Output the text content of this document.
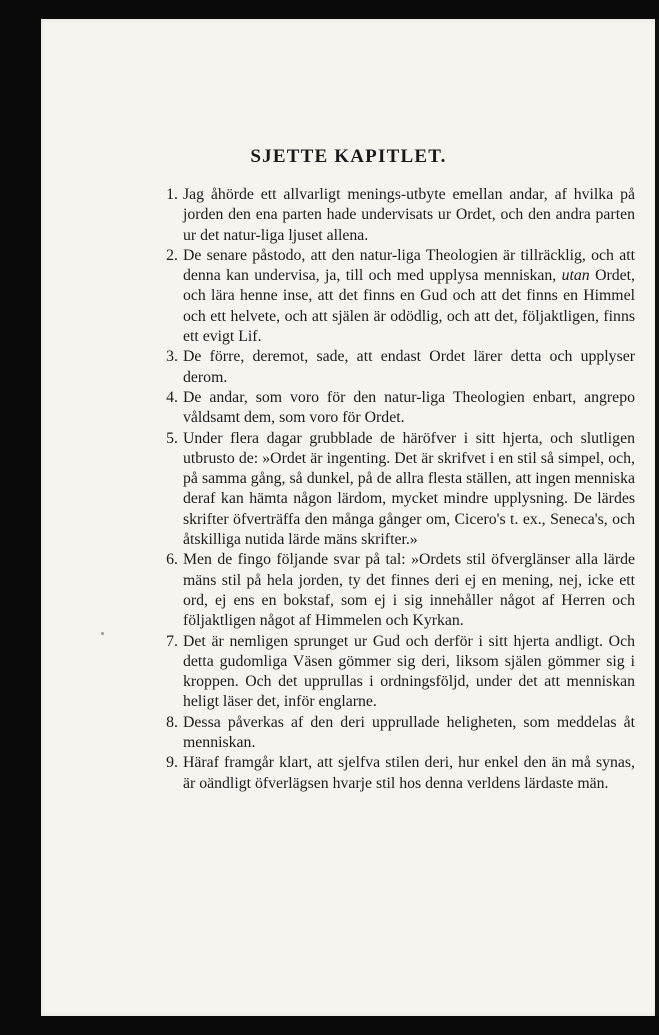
SJETTE KAPITLET.

1. Jag åhörde ett allvarligt menings-utbyte emellan andar, af hvilka på jorden den ena parten hade undervisats ur Ordet, och den andra parten ur det natur-liga ljuset allena.

2. De senare påstodo, att den natur-liga Theologien är tillräcklig, och att denna kan undervisa, ja, till och med upplysa menniskan, utan Ordet, och lära henne inse, att det finns en Gud och att det finns en Himmel och ett helvete, och att själen är odödlig, och att det, följaktligen, finns ett evigt Lif.

3. De förre, deremot, sade, att endast Ordet lärer detta och upplyser derom.

4. De andar, som voro för den natur-liga Theologien enbart, angrepo våldsamt dem, som voro för Ordet.

5. Under flera dagar grubblade de häröfver i sitt hjerta, och slutligen utbrusto de: »Ordet är ingenting. Det är skrifvet i en stil så simpel, och, på samma gång, så dunkel, på de allra flesta ställen, att ingen menniska deraf kan hämta någon lärdom, mycket mindre upplysning. De lärdes skrifter öfverträffa den många gånger om, Cicero's t. ex., Seneca's, och åtskilliga nutida lärde mäns skrifter.»

6. Men de fingo följande svar på tal: »Ordets stil öfverglänser alla lärde mäns stil på hela jorden, ty det finnes deri ej en mening, nej, icke ett ord, ej ens en bokstaf, som ej i sig innehåller något af Herren och följaktligen något af Himmelen och Kyrkan.

7. Det är nemligen sprunget ur Gud och derför i sitt hjerta andligt. Och detta gudomliga Väsen gömmer sig deri, liksom själen gömmer sig i kroppen. Och det upprullas i ordningsföljd, under det att menniskan heligt läser det, inför englarne.

8. Dessa påverkas af den deri upprullade heligheten, som meddelas åt menniskan.

9. Häraf framgår klart, att sjelfva stilen deri, hur enkel den än må synas, är oändligt öfverlägsen hvarje stil hos denna verldens lärdaste män.
